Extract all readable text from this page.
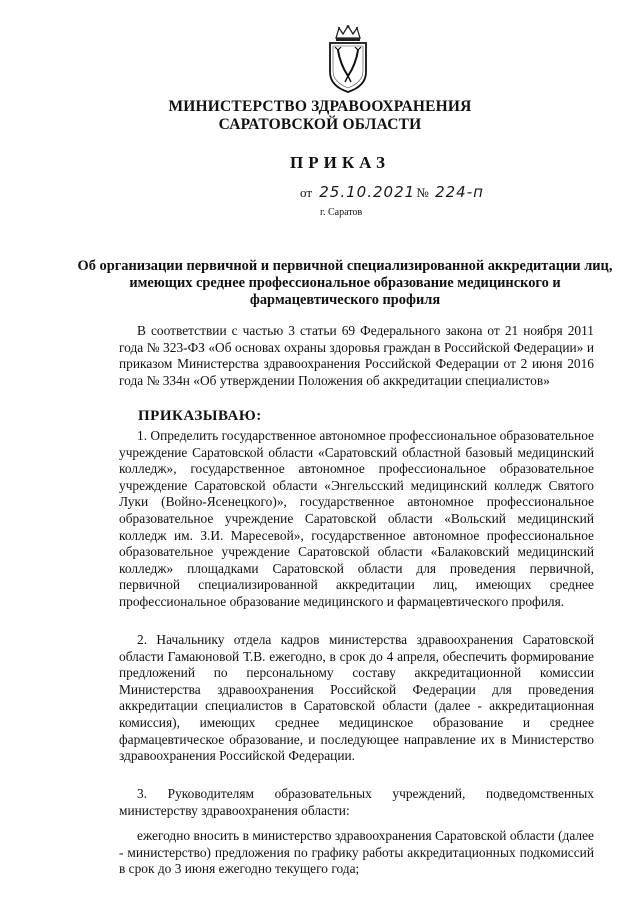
МИНИСТЕРСТВО ЗДРАВООХРАНЕНИЯ
САРАТОВСКОЙ ОБЛАСТИ
ПРИКАЗ
от 25.10.2021 № 224-п
г. Саратов
Об организации первичной и первичной специализированной аккредитации лиц, имеющих среднее профессиональное образование медицинского и фармацевтического профиля
В соответствии с частью 3 статьи 69 Федерального закона от 21 ноября 2011 года № 323-ФЗ «Об основах охраны здоровья граждан в Российской Федерации» и приказом Министерства здравоохранения Российской Федерации от 2 июня 2016 года № 334н «Об утверждении Положения об аккредитации специалистов»
ПРИКАЗЫВАЮ:
1. Определить государственное автономное профессиональное образовательное учреждение Саратовской области «Саратовский областной базовый медицинский колледж», государственное автономное профессиональное образовательное учреждение Саратовской области «Энгельсский медицинский колледж Святого Луки (Войно-Ясенецкого)», государственное автономное профессиональное образовательное учреждение Саратовской области «Вольский медицинский колледж им. З.И. Маресевой», государственное автономное профессиональное образовательное учреждение Саратовской области «Балаковский медицинский колледж» площадками Саратовской области для проведения первичной, первичной специализированной аккредитации лиц, имеющих среднее профессиональное образование медицинского и фармацевтического профиля.
2. Начальнику отдела кадров министерства здравоохранения Саратовской области Гамаюновой Т.В. ежегодно, в срок до 4 апреля, обеспечить формирование предложений по персональному составу аккредитационной комиссии Министерства здравоохранения Российской Федерации для проведения аккредитации специалистов в Саратовской области (далее - аккредитационная комиссия), имеющих среднее медицинское образование и среднее фармацевтическое образование, и последующее направление их в Министерство здравоохранения Российской Федерации.
3. Руководителям образовательных учреждений, подведомственных министерству здравоохранения области:
ежегодно вносить в министерство здравоохранения Саратовской области (далее - министерство) предложения по графику работы аккредитационных подкомиссий в срок до 3 июня ежегодно текущего года;
